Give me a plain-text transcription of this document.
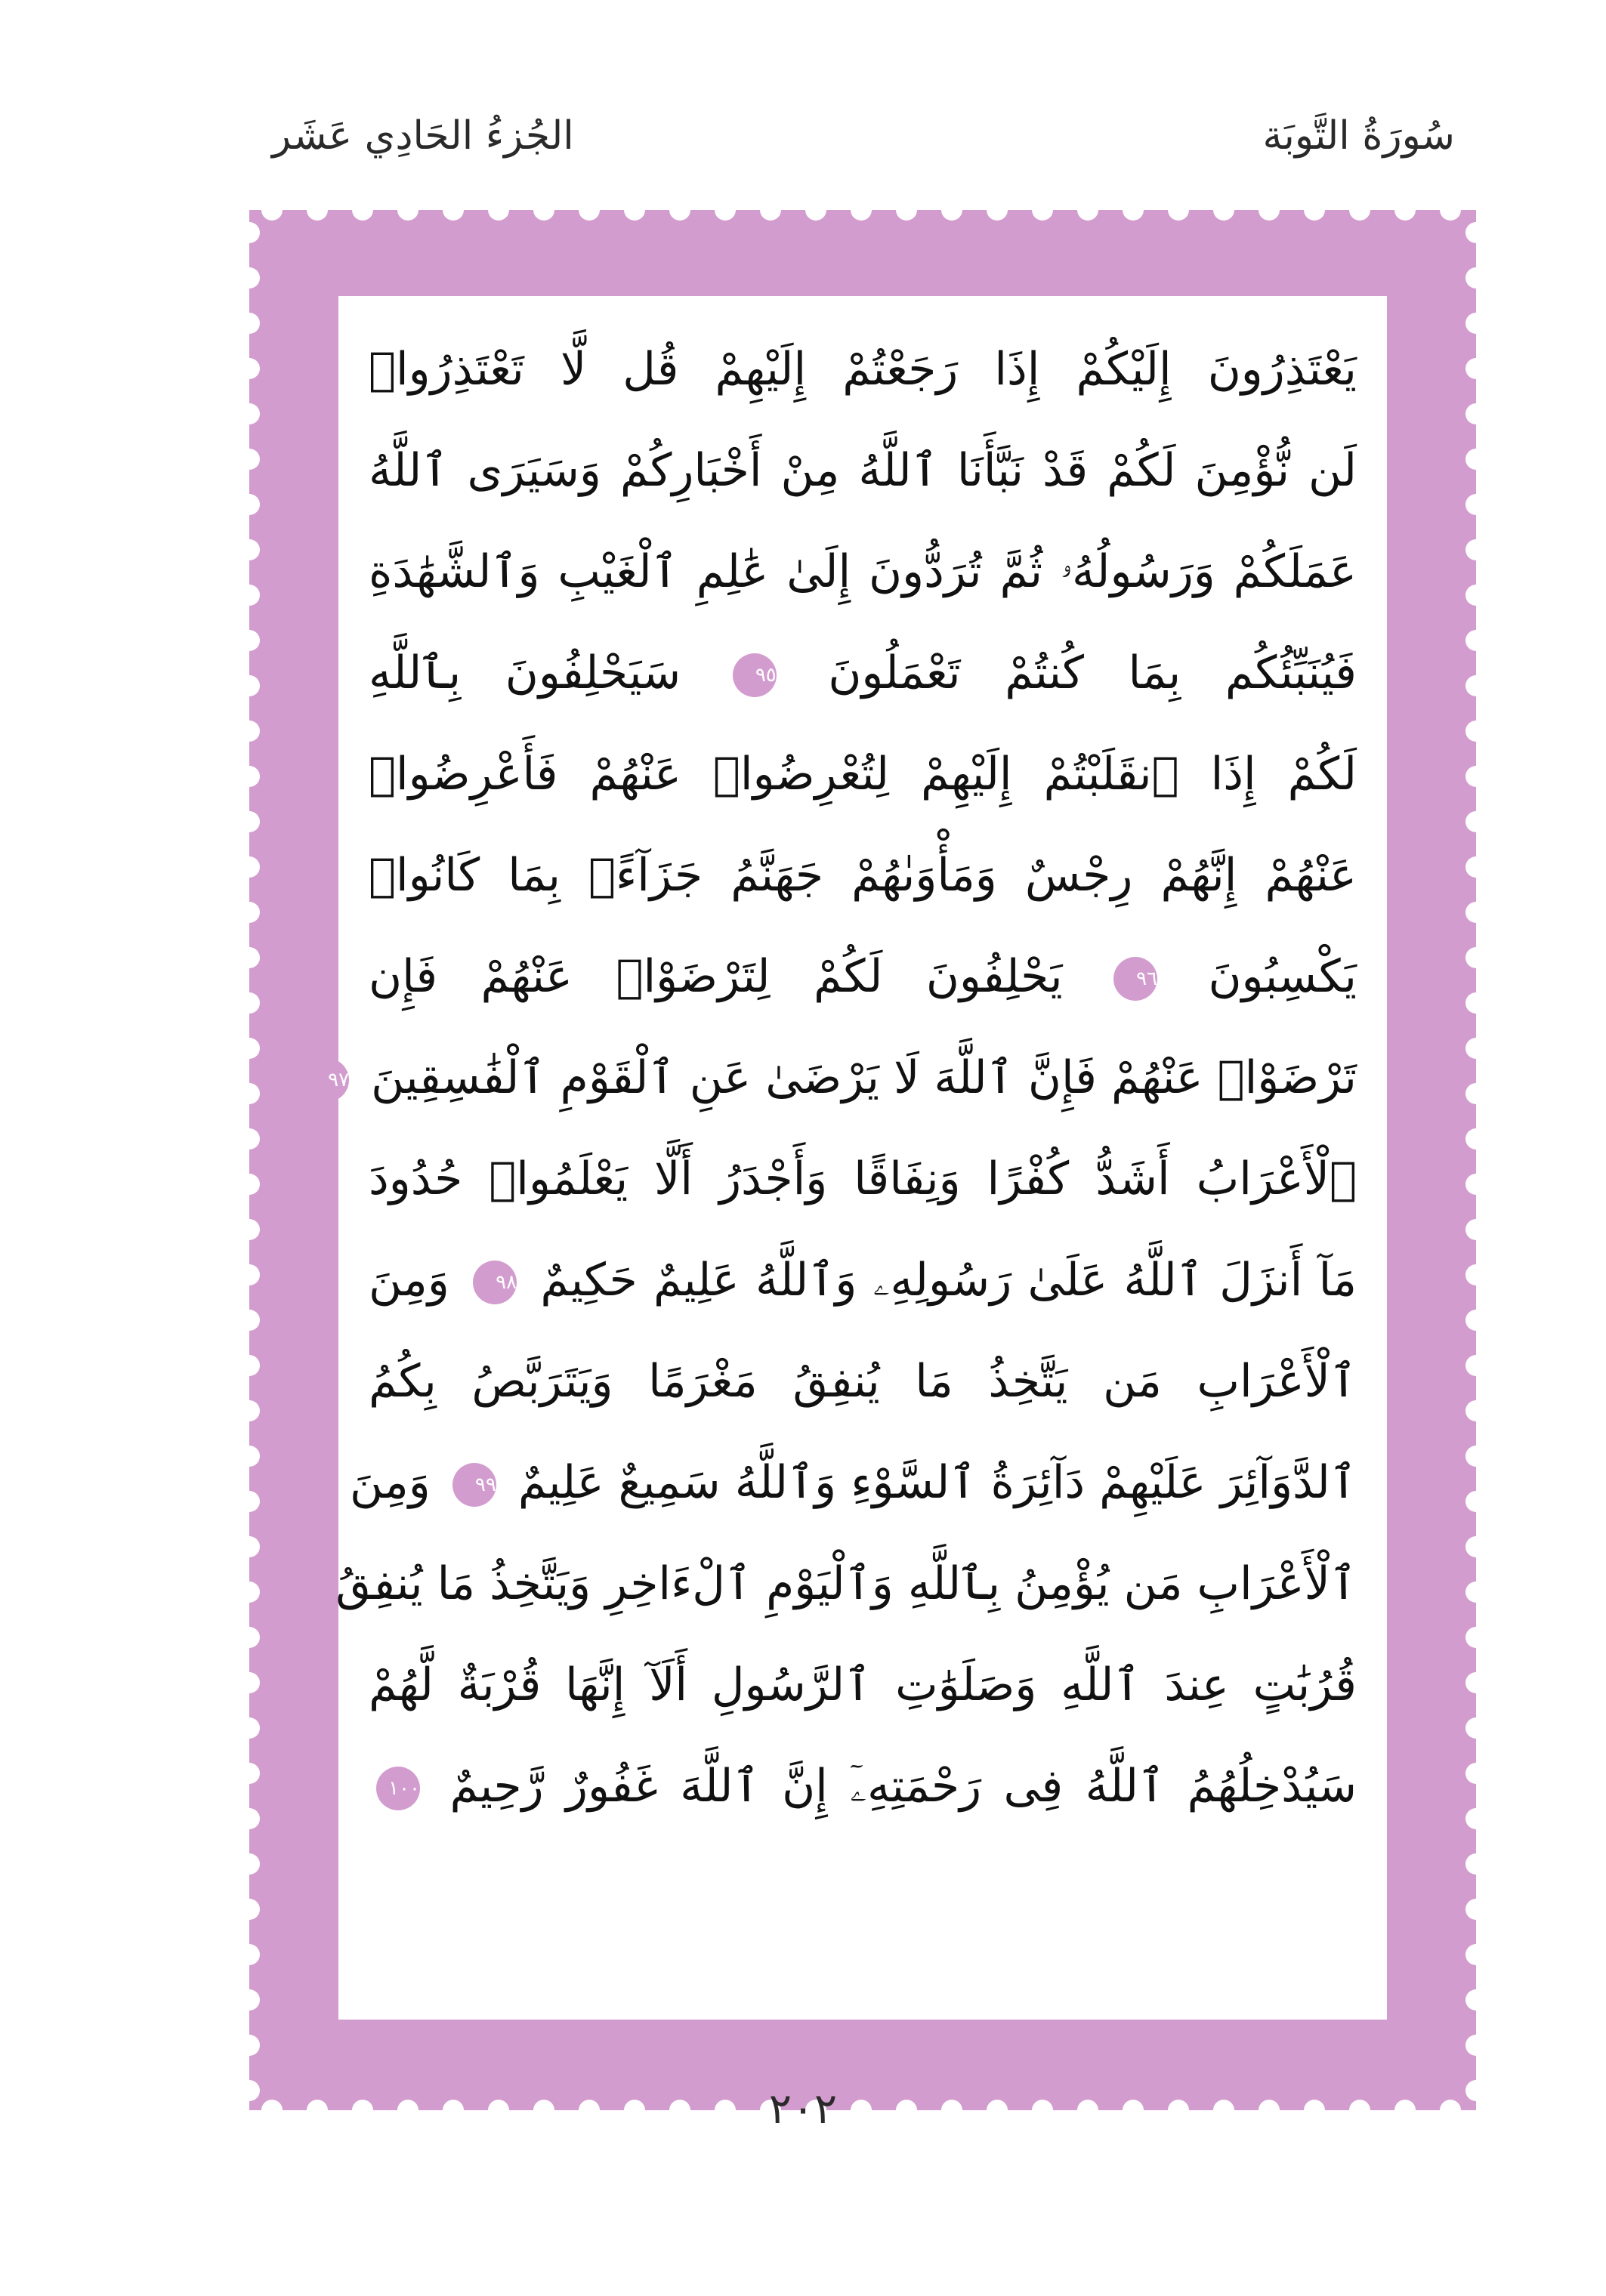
الجُزءُ الحَادِي عَشَر	سُورَةُ التَّوبَة
يَعْتَذِرُونَ إِلَيْكُمْ إِذَا رَجَعْتُمْ إِلَيْهِمْ قُل لَّا تَعْتَذِرُوا۟
لَن نُّؤْمِنَ لَكُمْ قَدْ نَبَّأَنَا ٱللَّهُ مِنْ أَخْبَارِكُمْ وَسَيَرَى ٱللَّهُ
عَمَلَكُمْ وَرَسُولُهُۥ ثُمَّ تُرَدُّونَ إِلَىٰ عَٰلِمِ ٱلْغَيْبِ وَٱلشَّهَٰدَةِ
فَيُنَبِّئُكُم بِمَا كُنتُمْ تَعْمَلُونَ ٩٥ سَيَحْلِفُونَ بِٱللَّهِ
لَكُمْ إِذَا ٱنقَلَبْتُمْ إِلَيْهِمْ لِتُعْرِضُوا۟ عَنْهُمْ فَأَعْرِضُوا۟
عَنْهُمْ إِنَّهُمْ رِجْسٌ وَمَأْوَىٰهُمْ جَهَنَّمُ جَزَآءًۢ بِمَا كَانُوا۟
يَكْسِبُونَ ٩٦ يَحْلِفُونَ لَكُمْ لِتَرْضَوْا۟ عَنْهُمْ فَإِن
تَرْضَوْا۟ عَنْهُمْ فَإِنَّ ٱللَّهَ لَا يَرْضَىٰ عَنِ ٱلْقَوْمِ ٱلْفَٰسِقِينَ ٩٧
ٱلْأَعْرَابُ أَشَدُّ كُفْرًا وَنِفَاقًا وَأَجْدَرُ أَلَّا يَعْلَمُوا۟ حُدُودَ
مَآ أَنزَلَ ٱللَّهُ عَلَىٰ رَسُولِهِۦ وَٱللَّهُ عَلِيمٌ حَكِيمٌ ٩٨ وَمِنَ
ٱلْأَعْرَابِ مَن يَتَّخِذُ مَا يُنفِقُ مَغْرَمًا وَيَتَرَبَّصُ بِكُمُ
ٱلدَّوَآئِرَ عَلَيْهِمْ دَآئِرَةُ ٱلسَّوْءِ وَٱللَّهُ سَمِيعٌ عَلِيمٌ ٩٩ وَمِنَ
ٱلْأَعْرَابِ مَن يُؤْمِنُ بِٱللَّهِ وَٱلْيَوْمِ ٱلْءَاخِرِ وَيَتَّخِذُ مَا يُنفِقُ
قُرُبَٰتٍ عِندَ ٱللَّهِ وَصَلَوَٰتِ ٱلرَّسُولِ أَلَآ إِنَّهَا قُرْبَةٌ لَّهُمْ
سَيُدْخِلُهُمُ ٱللَّهُ فِى رَحْمَتِهِۦٓ إِنَّ ٱللَّهَ غَفُورٌ رَّحِيمٌ ١٠٠
٢٠٢
